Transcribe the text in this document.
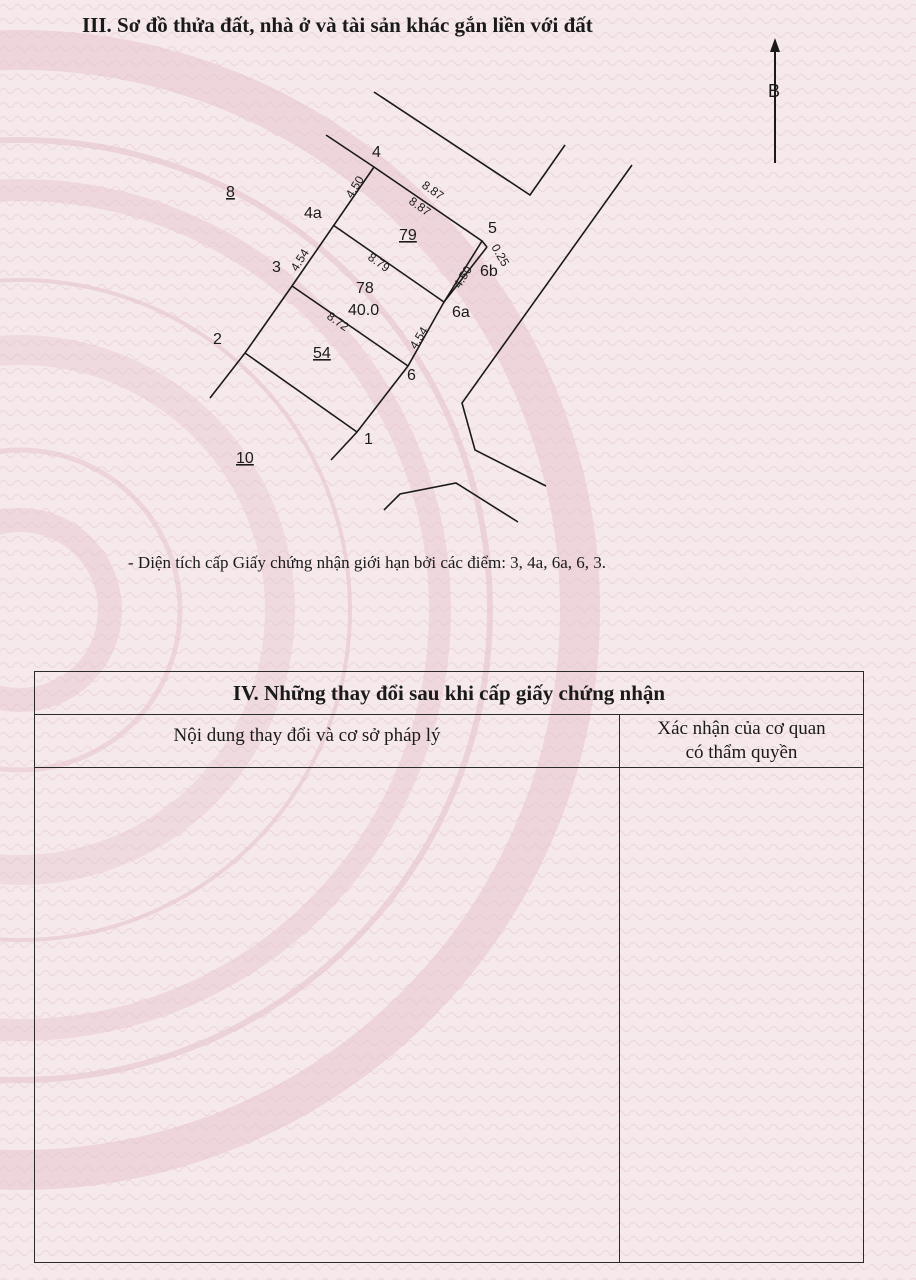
III. Sơ đồ thửa đất, nhà ở và tài sản khác gắn liền với đất
B
4
4a
5
6b
3
6a
2
6
1
8
79
78
40.0
54
10
4.50	8.87
8.87
0.25
4.54	8.79
4.50
8.72
4.54
- Diện tích cấp Giấy chứng nhận giới hạn bởi các điểm: 3, 4a, 6a, 6, 3.
IV. Những thay đổi sau khi cấp giấy chứng nhận
Nội dung thay đổi và cơ sở pháp lý	Xác nhận của cơ quan
có thẩm quyền
